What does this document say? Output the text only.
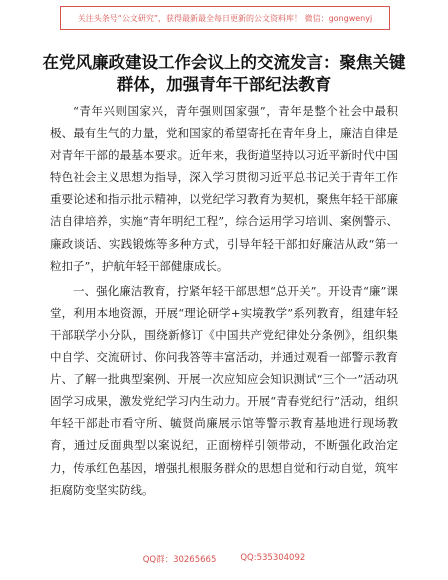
关注头条号“公文研究”，获得最新最全每日更新的公文资料库！ 微信：gongwenyj
在党风廉政建设工作会议上的交流发言：聚焦关键群体，加强青年干部纪法教育

“青年兴则国家兴，青年强则国家强”，青年是整个社会中最积极、最有生气的力量，党和国家的希望寄托在青年身上，廉洁自律是对青年干部的最基本要求。近年来，我街道坚持以习近平新时代中国特色社会主义思想为指导，深入学习贯彻习近平总书记关于青年工作重要论述和指示批示精神，以党纪学习教育为契机，聚焦年轻干部廉洁自律培养，实施“青年明纪工程”，综合运用学习培训、案例警示、廉政谈话、实践锻炼等多种方式，引导年轻干部扣好廉洁从政“第一粒扣子”，护航年轻干部健康成长。

一、强化廉洁教育，拧紧年轻干部思想“总开关”。开设青“廉”课堂，利用本地资源，开展“理论研学+实境教学”系列教育，组建年轻干部联学小分队，围绕新修订《中国共产党纪律处分条例》，组织集中自学、交流研讨、你问我答等丰富活动，并通过观看一部警示教育片、了解一批典型案例、开展一次应知应会知识测试“三个一”活动巩固学习成果，激发党纪学习内生动力。开展“青春党纪行”活动，组织年轻干部赴市看守所、毓贤尚廉展示馆等警示教育基地进行现场教育，通过反面典型以案说纪，正面榜样引领带动，不断强化政治定力，传承红色基因，增强扎根服务群众的思想自觉和行动自觉，筑牢拒腐防变坚实防线。

QQ群：30265665	QQ:535304092
